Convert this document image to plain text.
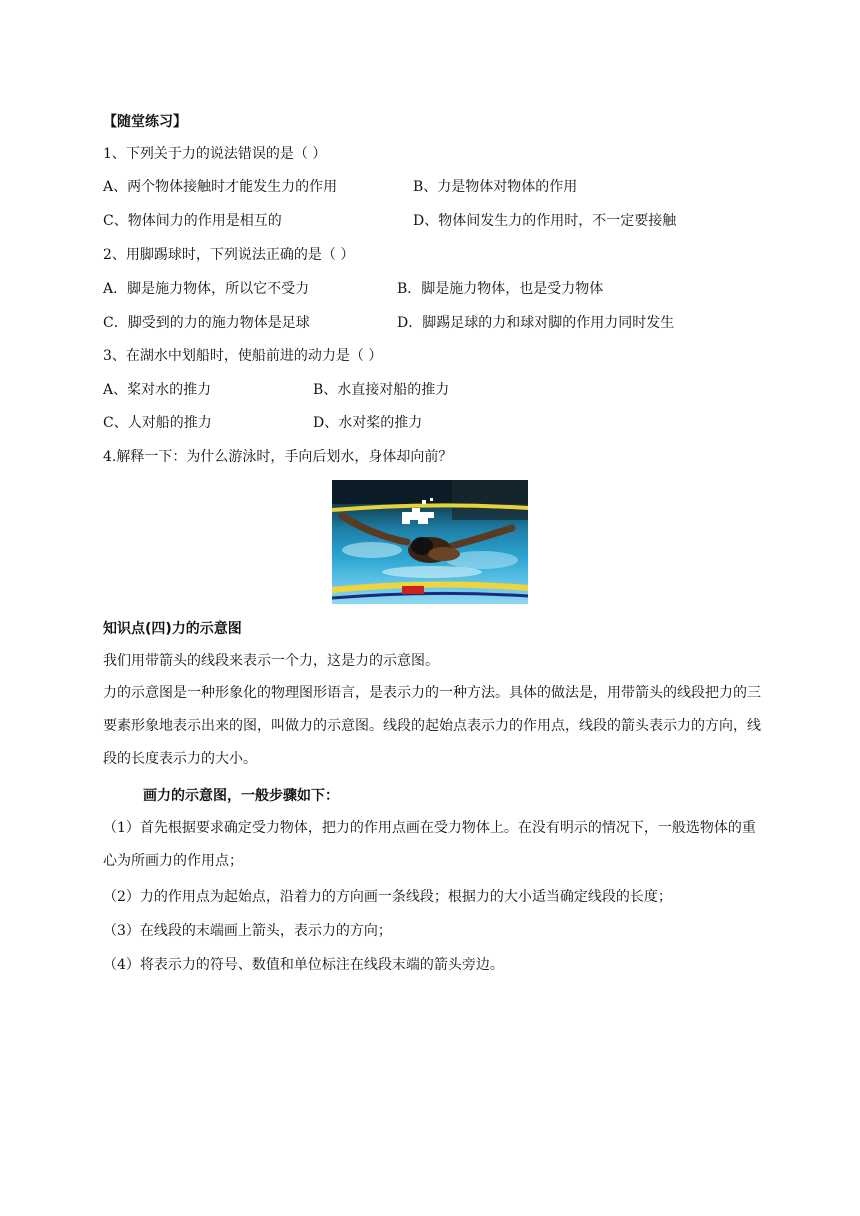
【随堂练习】
1、下列关于力的说法错误的是（ ）
A、两个物体接触时才能发生力的作用	B、力是物体对物体的作用
C、物体间力的作用是相互的	D、物体间发生力的作用时，不一定要接触
2、用脚踢球时，下列说法正确的是（ ）
A．脚是施力物体，所以它不受力	B．脚是施力物体，也是受力物体
C．脚受到的力的施力物体是足球	D．脚踢足球的力和球对脚的作用力同时发生
3、在湖水中划船时，使船前进的动力是（ ）
A、桨对水的推力	B、水直接对船的推力
C、人对船的推力	D、水对桨的推力
4.解释一下：为什么游泳时，手向后划水，身体却向前？
知识点(四)力的示意图
我们用带箭头的线段来表示一个力，这是力的示意图。
力的示意图是一种形象化的物理图形语言，是表示力的一种方法。具体的做法是，用带箭头的线段把力的三要素形象地表示出来的图，叫做力的示意图。线段的起始点表示力的作用点，线段的箭头表示力的方向，线段的长度表示力的大小。
画力的示意图，一般步骤如下：
（1）首先根据要求确定受力物体，把力的作用点画在受力物体上。在没有明示的情况下，一般选物体的重心为所画力的作用点；
（2）力的作用点为起始点，沿着力的方向画一条线段；根据力的大小适当确定线段的长度；
（3）在线段的末端画上箭头，表示力的方向；
（4）将表示力的符号、数值和单位标注在线段末端的箭头旁边。
